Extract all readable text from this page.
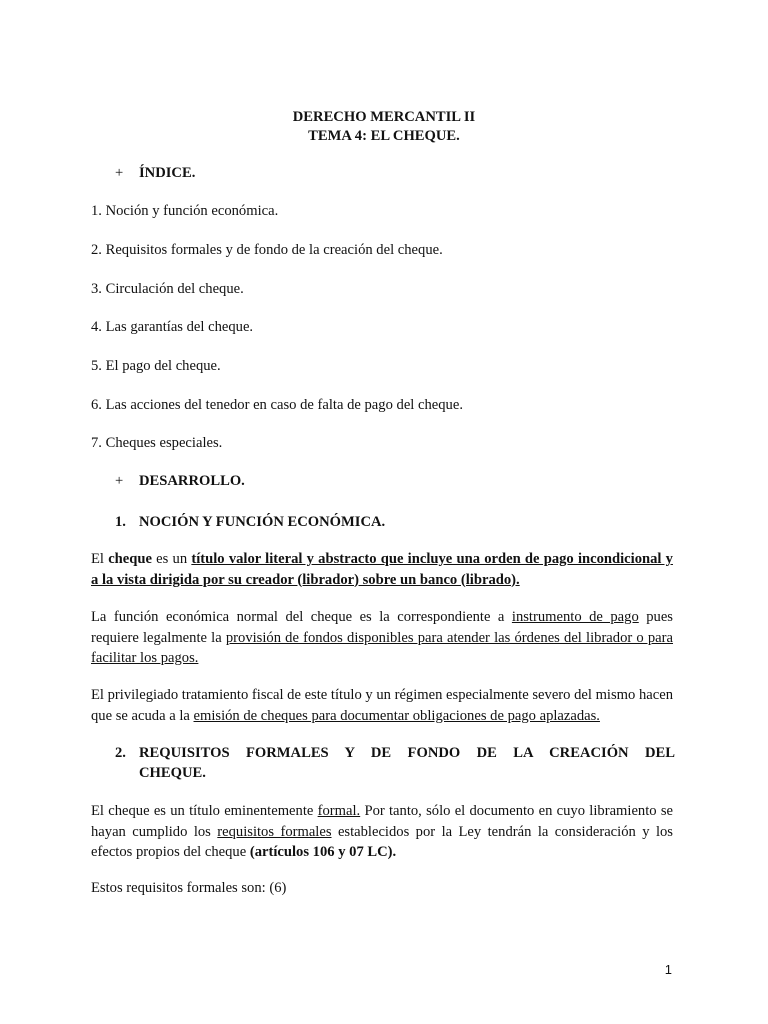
DERECHO MERCANTIL II
TEMA 4: EL CHEQUE.
+ ÍNDICE.
1. Noción y función económica.
2. Requisitos formales y de fondo de la creación del cheque.
3. Circulación del cheque.
4. Las garantías del cheque.
5. El pago del cheque.
6. Las acciones del tenedor en caso de falta de pago del cheque.
7. Cheques especiales.
+ DESARROLLO.
1. NOCIÓN Y FUNCIÓN ECONÓMICA.

El cheque es un título valor literal y abstracto que incluye una orden de pago incondicional y a la vista dirigida por su creador (librador) sobre un banco (librado).

La función económica normal del cheque es la correspondiente a instrumento de pago pues requiere legalmente la provisión de fondos disponibles para atender las órdenes del librador o para facilitar los pagos.

El privilegiado tratamiento fiscal de este título y un régimen especialmente severo del mismo hacen que se acuda a la emisión de cheques para documentar obligaciones de pago aplazadas.

2. REQUISITOS FORMALES Y DE FONDO DE LA CREACIÓN DEL
CHEQUE.

El cheque es un título eminentemente formal. Por tanto, sólo el documento en cuyo libramiento se hayan cumplido los requisitos formales establecidos por la Ley tendrán la consideración y los efectos propios del cheque (artículos 106 y 07 LC).

Estos requisitos formales son: (6)

1
